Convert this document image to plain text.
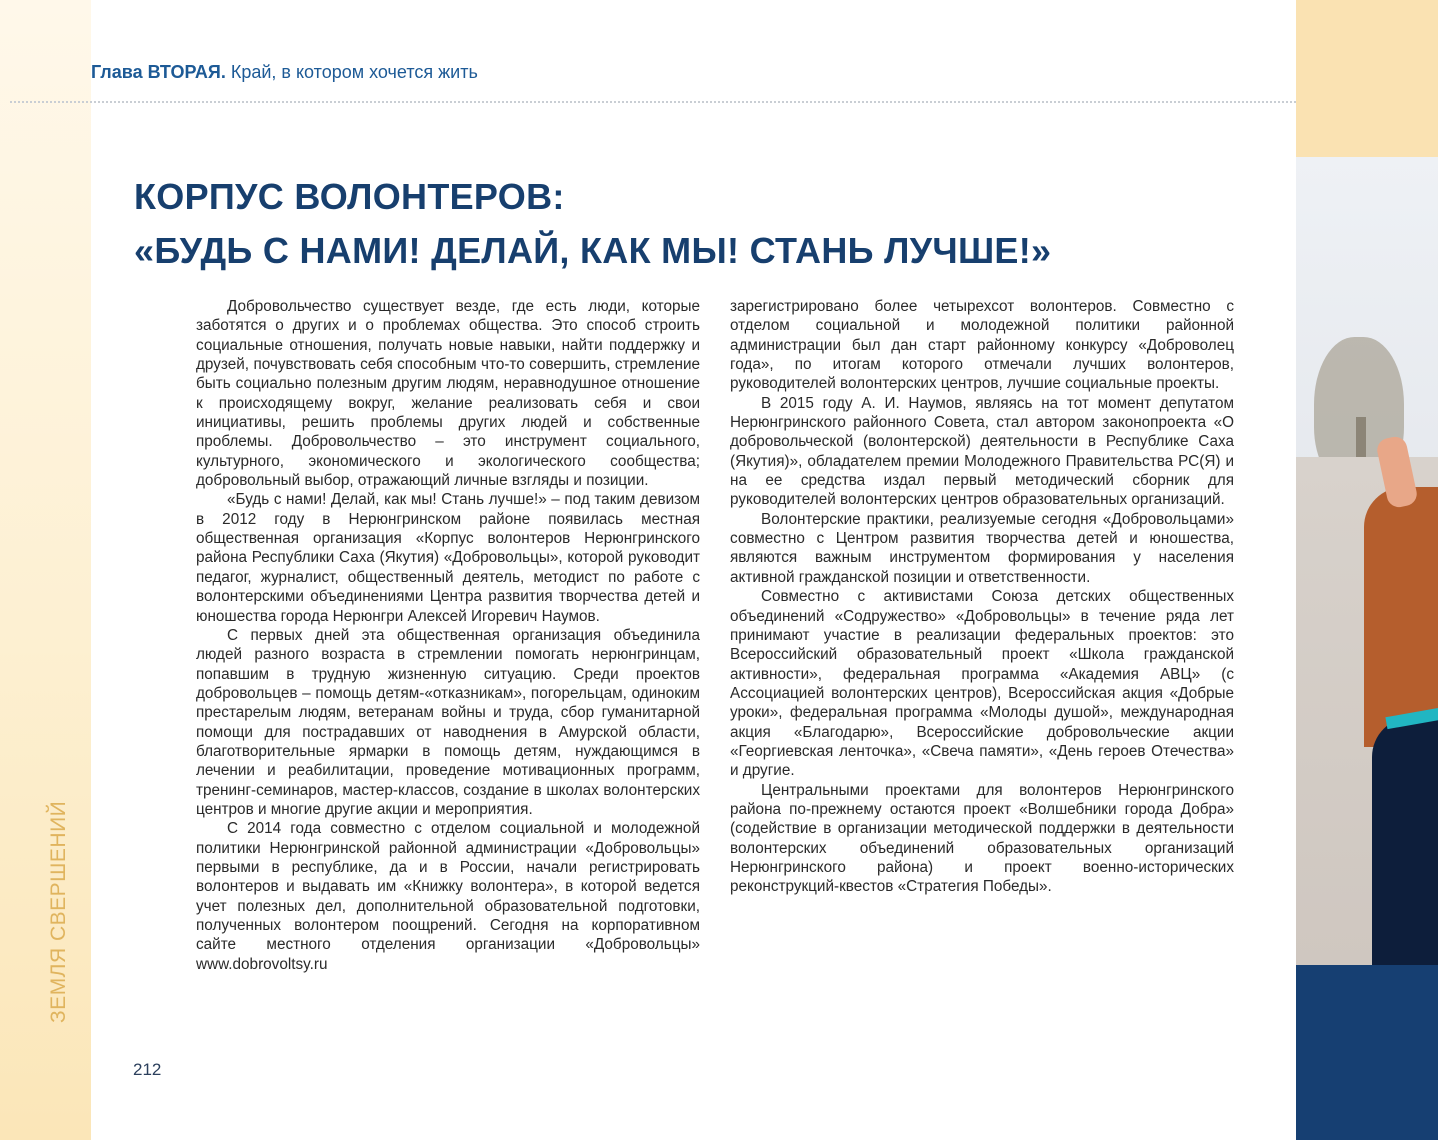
ЗЕМЛЯ СВЕРШЕНИЙ
Глава ВТОРАЯ. Край, в котором хочется жить
КОРПУС ВОЛОНТЕРОВ:
«БУДЬ С НАМИ! ДЕЛАЙ, КАК МЫ! СТАНЬ ЛУЧШЕ!»

Добровольчество существует везде, где есть люди, которые заботятся о других и о проблемах общества. Это способ строить социальные отношения, получать новые навыки, найти поддержку и друзей, почувствовать себя способным что-то совершить, стремление быть социально полезным другим людям, неравнодушное отношение к происходящему вокруг, желание реализовать себя и свои инициативы, решить проблемы других людей и собственные проблемы. Добровольчество – это инструмент социального, культурного, экономического и экологического сообщества; добровольный выбор, отражающий личные взгляды и позиции.

«Будь с нами! Делай, как мы! Стань лучше!» – под таким девизом в 2012 году в Нерюнгринском районе появилась местная общественная организация «Корпус волонтеров Нерюнгринского района Республики Саха (Якутия) «Добровольцы», которой руководит педагог, журналист, общественный деятель, методист по работе с волонтерскими объединениями Центра развития творчества детей и юношества города Нерюнгри Алексей Игоревич Наумов.

С первых дней эта общественная организация объединила людей разного возраста в стремлении помогать нерюнгринцам, попавшим в трудную жизненную ситуацию. Среди проектов добровольцев – помощь детям-«отказникам», погорельцам, одиноким престарелым людям, ветеранам войны и труда, сбор гуманитарной помощи для пострадавших от наводнения в Амурской области, благотворительные ярмарки в помощь детям, нуждающимся в лечении и реабилитации, проведение мотивационных программ, тренинг-семинаров, мастер-классов, создание в школах волонтерских центров и многие другие акции и мероприятия.

С 2014 года совместно с отделом социальной и молодежной политики Нерюнгринской районной администрации «Добровольцы» первыми в республике, да и в России, начали регистрировать волонтеров и выдавать им «Книжку волонтера», в которой ведется учет полезных дел, дополнительной образовательной подготовки, полученных волонтером поощрений. Сегодня на корпоративном сайте местного отделения организации «Добровольцы» www.dobrovoltsy.ru

зарегистрировано более четырехсот волонтеров. Совместно с отделом социальной и молодежной политики районной администрации был дан старт районному конкурсу «Доброволец года», по итогам которого отмечали лучших волонтеров, руководителей волонтерских центров, лучшие социальные проекты.

В 2015 году А. И. Наумов, являясь на тот момент депутатом Нерюнгринского районного Совета, стал автором законопроекта «О добровольческой (волонтерской) деятельности в Республике Саха (Якутия)», обладателем премии Молодежного Правительства РС(Я) и на ее средства издал первый методический сборник для руководителей волонтерских центров образовательных организаций.

Волонтерские практики, реализуемые сегодня «Добровольцами» совместно с Центром развития творчества детей и юношества, являются важным инструментом формирования у населения активной гражданской позиции и ответственности.

Совместно с активистами Союза детских общественных объединений «Содружество» «Добровольцы» в течение ряда лет принимают участие в реализации федеральных проектов: это Всероссийский образовательный проект «Школа гражданской активности», федеральная программа «Академия АВЦ» (с Ассоциацией волонтерских центров), Всероссийская акция «Добрые уроки», федеральная программа «Молоды душой», международная акция «Благодарю», Всероссийские добровольческие акции «Георгиевская ленточка», «Свеча памяти», «День героев Отечества» и другие.

Центральными проектами для волонтеров Нерюнгринского района по-прежнему остаются проект «Волшебники города Добра» (содействие в организации методической поддержки в деятельности волонтерских объединений образовательных организаций Нерюнгринского района) и проект военно-исторических реконструкций-квестов «Стратегия Победы».

212
